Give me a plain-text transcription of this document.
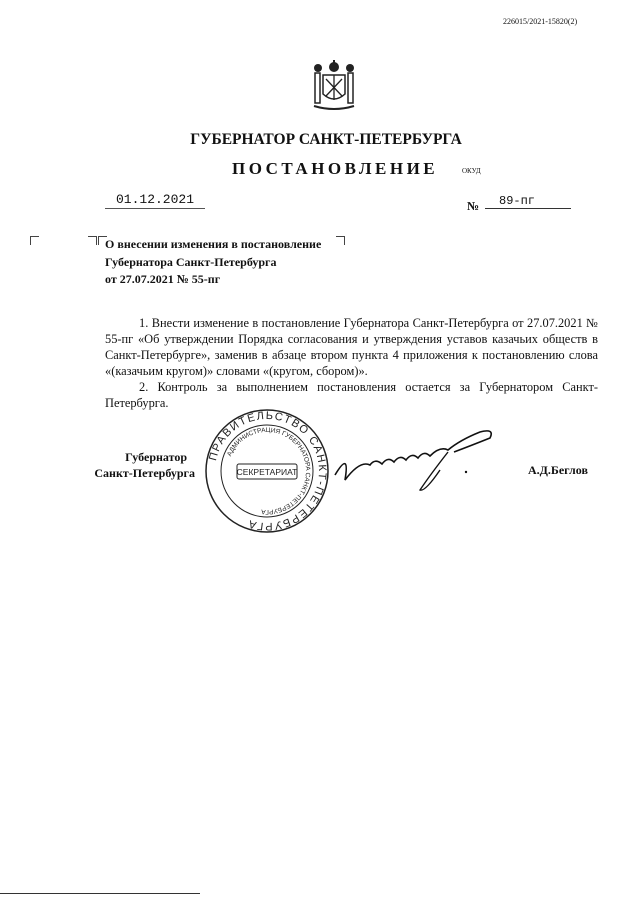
226015/2021-15820(2)
ГУБЕРНАТОР САНКТ-ПЕТЕРБУРГА
ПОСТАНОВЛЕНИЕ	ОКУД
01.12.2021	№	89-пг
О внесении изменения в постановление
Губернатора Санкт-Петербурга
от 27.07.2021 № 55-пг

1. Внести изменение в постановление Губернатора Санкт-Петербурга от 27.07.2021 № 55-пг «Об утверждении Порядка согласования и утверждения уставов казачьих обществ в Санкт-Петербурге», заменив в абзаце втором пункта 4 приложения к постановлению слова «(казачьим кругом)» словами «(кругом, сбором)».

2. Контроль за выполнением постановления остается за Губернатором Санкт-Петербурга.

Губернатор
Санкт-Петербурга
ПРАВИТЕЛЬСТВО САНКТ-ПЕТЕРБУРГА
АДМИНИСТРАЦИЯ ГУБЕРНАТОРА САНКТ-ПЕТЕРБУРГА
СЕКРЕТАРИАТ	А.Д.Беглов
